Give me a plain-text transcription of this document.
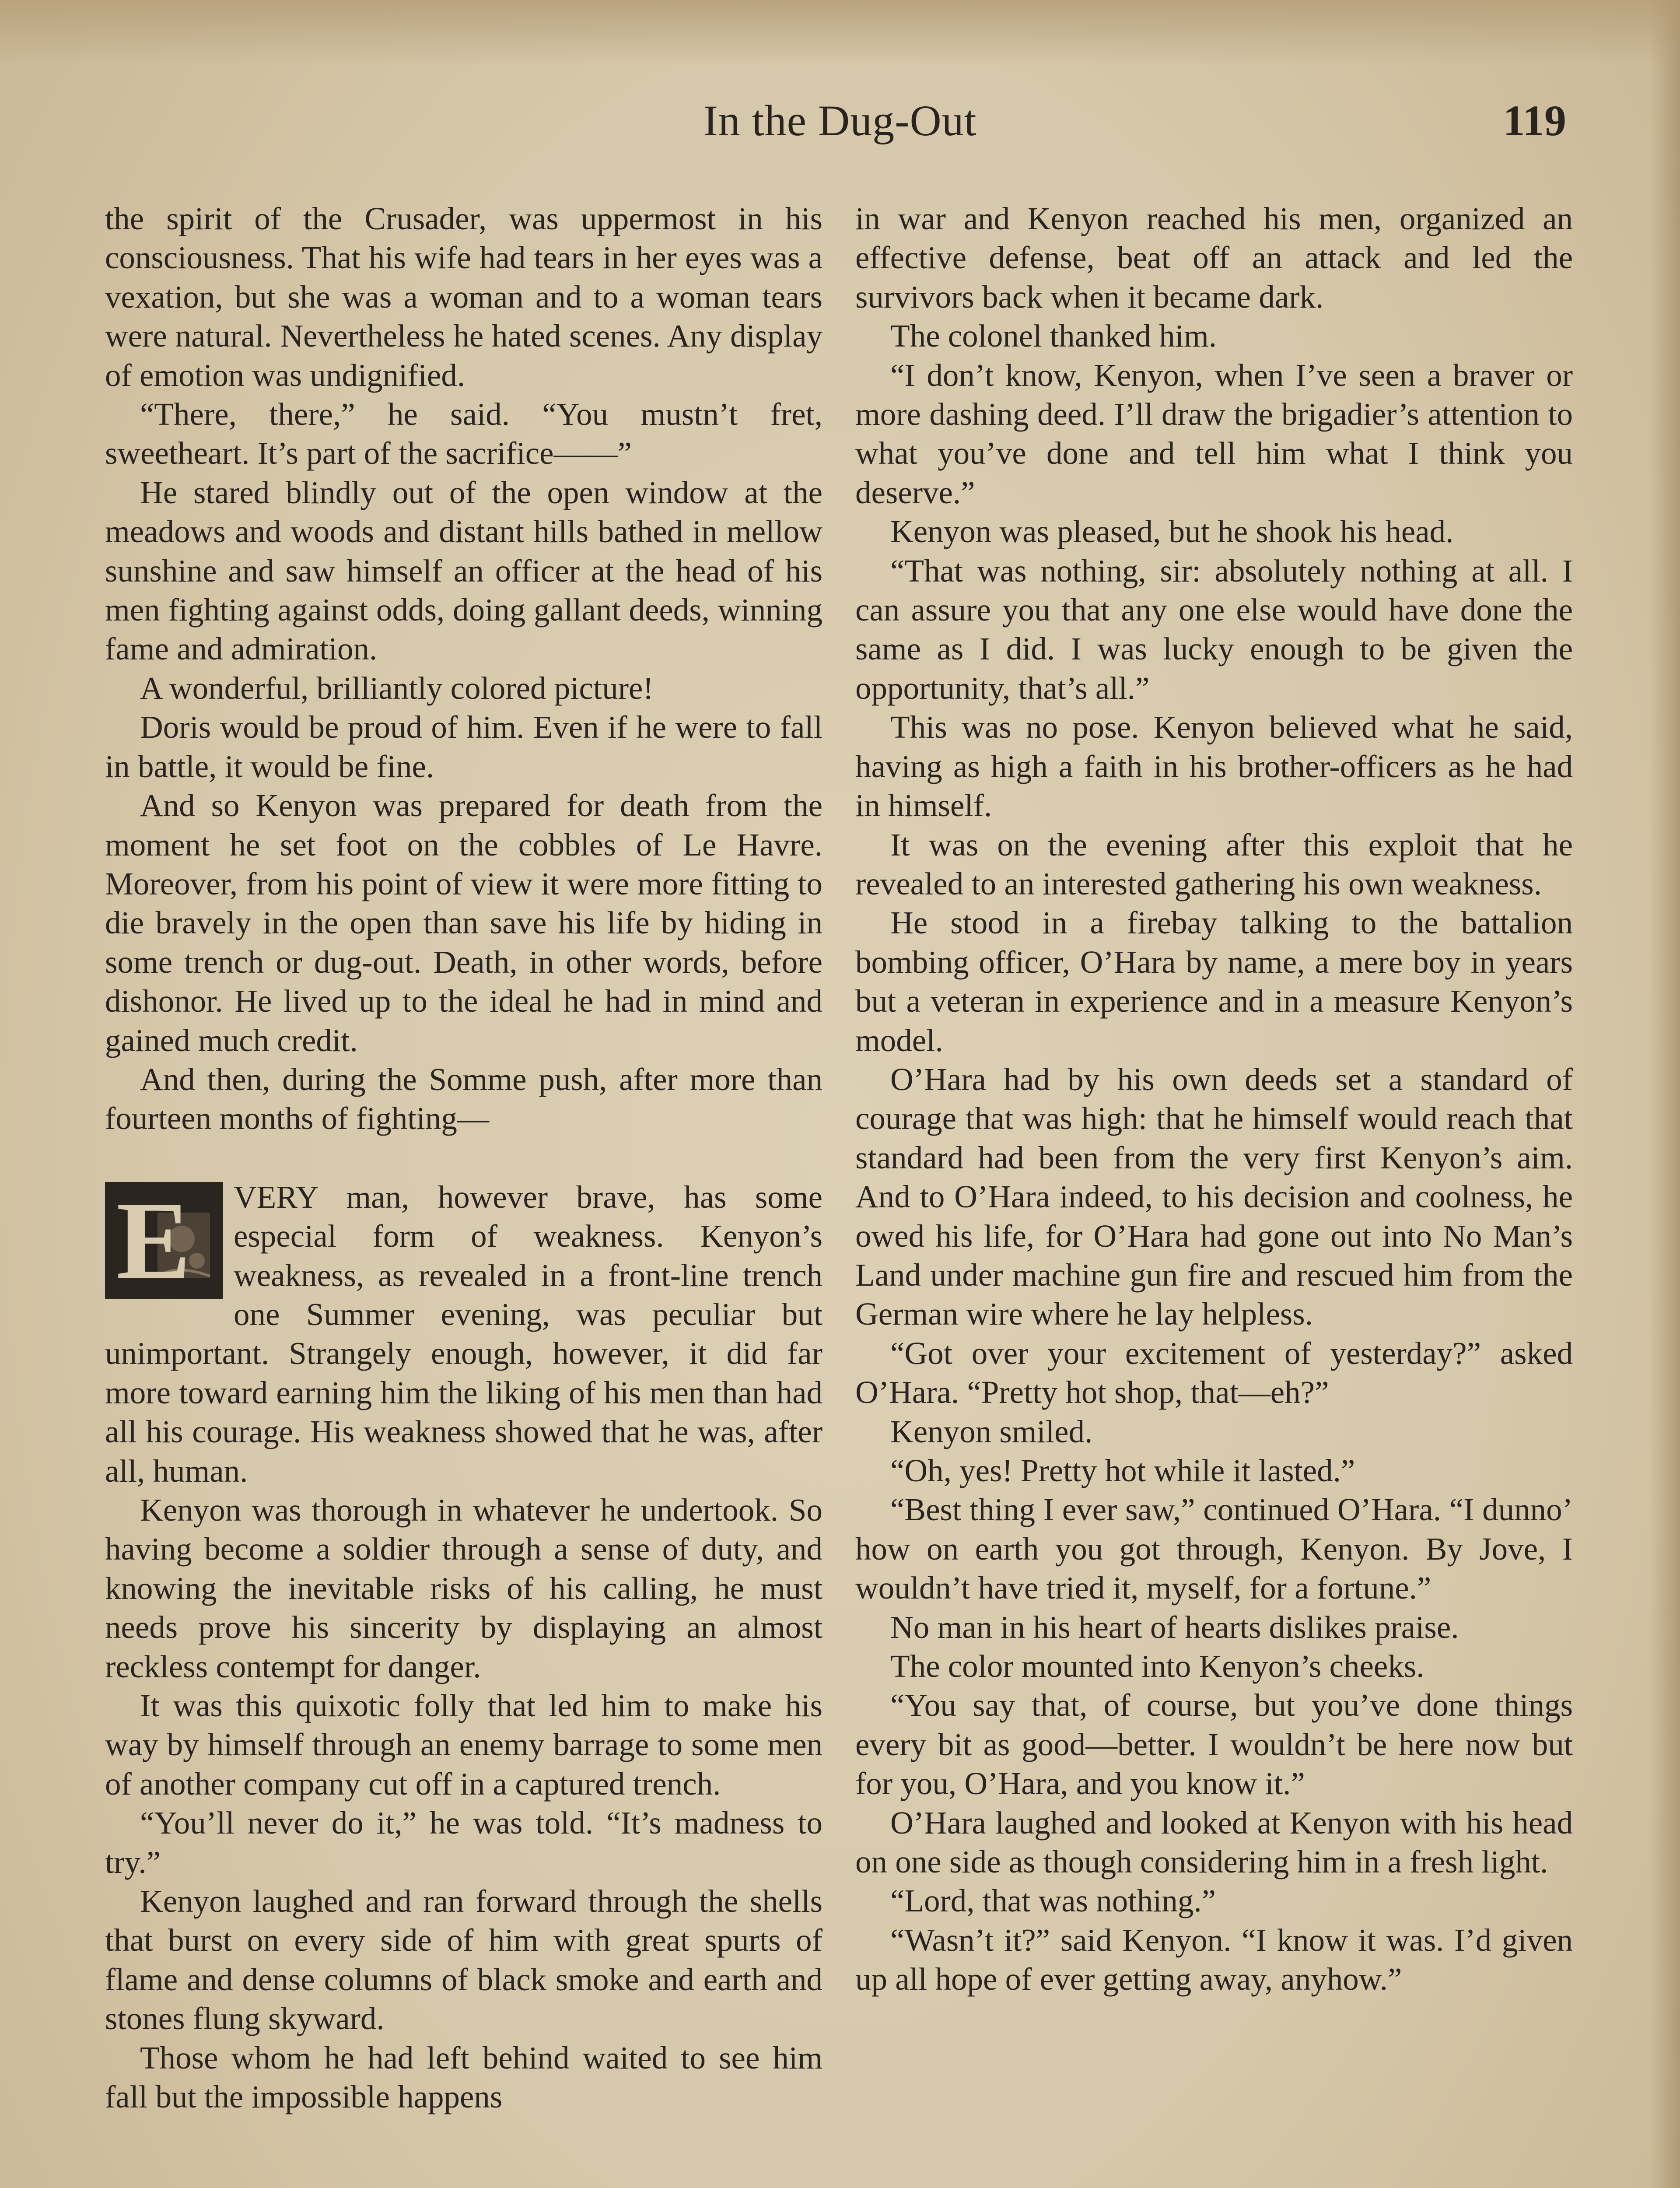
In the Dug-Out	119

the spirit of the Crusader, was uppermost in his consciousness. That his wife had tears in her eyes was a vexation, but she was a woman and to a woman tears were natural. Nevertheless he hated scenes. Any display of emotion was undignified.

“There, there,” he said. “You mustn’t fret, sweetheart. It’s part of the sacrifice——”

He stared blindly out of the open window at the meadows and woods and distant hills bathed in mellow sunshine and saw himself an officer at the head of his men fighting against odds, doing gallant deeds, winning fame and admiration.

A wonderful, brilliantly colored picture!

Doris would be proud of him. Even if he were to fall in battle, it would be fine.

And so Kenyon was prepared for death from the moment he set foot on the cobbles of Le Havre. Moreover, from his point of view it were more fitting to die bravely in the open than save his life by hiding in some trench or dug-out. Death, in other words, before dishonor. He lived up to the ideal he had in mind and gained much credit.

And then, during the Somme push, after more than fourteen months of fighting—

E VERY man, however brave, has some especial form of weakness. Kenyon’s weakness, as revealed in a front-line trench one Summer evening, was peculiar but unimportant. Strangely enough, however, it did far more toward earning him the liking of his men than had all his courage. His weakness showed that he was, after all, human.

Kenyon was thorough in whatever he undertook. So having become a soldier through a sense of duty, and knowing the inevitable risks of his calling, he must needs prove his sincerity by displaying an almost reckless contempt for danger.

It was this quixotic folly that led him to make his way by himself through an enemy barrage to some men of another company cut off in a captured trench.

“You’ll never do it,” he was told. “It’s madness to try.”

Kenyon laughed and ran forward through the shells that burst on every side of him with great spurts of flame and dense columns of black smoke and earth and stones flung skyward.

Those whom he had left behind waited to see him fall but the impossible happens

in war and Kenyon reached his men, organized an effective defense, beat off an attack and led the survivors back when it became dark.

The colonel thanked him.

“I don’t know, Kenyon, when I’ve seen a braver or more dashing deed. I’ll draw the brigadier’s attention to what you’ve done and tell him what I think you deserve.”

Kenyon was pleased, but he shook his head.

“That was nothing, sir: absolutely nothing at all. I can assure you that any one else would have done the same as I did. I was lucky enough to be given the opportunity, that’s all.”

This was no pose. Kenyon believed what he said, having as high a faith in his brother-officers as he had in himself.

It was on the evening after this exploit that he revealed to an interested gathering his own weakness.

He stood in a firebay talking to the battalion bombing officer, O’Hara by name, a mere boy in years but a veteran in experience and in a measure Kenyon’s model.

O’Hara had by his own deeds set a standard of courage that was high: that he himself would reach that standard had been from the very first Kenyon’s aim. And to O’Hara indeed, to his decision and coolness, he owed his life, for O’Hara had gone out into No Man’s Land under machine gun fire and rescued him from the German wire where he lay helpless.

“Got over your excitement of yesterday?” asked O’Hara. “Pretty hot shop, that—eh?”

Kenyon smiled.

“Oh, yes! Pretty hot while it lasted.”

“Best thing I ever saw,” continued O’Hara. “I dunno’ how on earth you got through, Kenyon. By Jove, I wouldn’t have tried it, myself, for a fortune.”

No man in his heart of hearts dislikes praise.

The color mounted into Kenyon’s cheeks.

“You say that, of course, but you’ve done things every bit as good—better. I wouldn’t be here now but for you, O’Hara, and you know it.”

O’Hara laughed and looked at Kenyon with his head on one side as though considering him in a fresh light.

“Lord, that was nothing.”

“Wasn’t it?” said Kenyon. “I know it was. I’d given up all hope of ever getting away, anyhow.”
